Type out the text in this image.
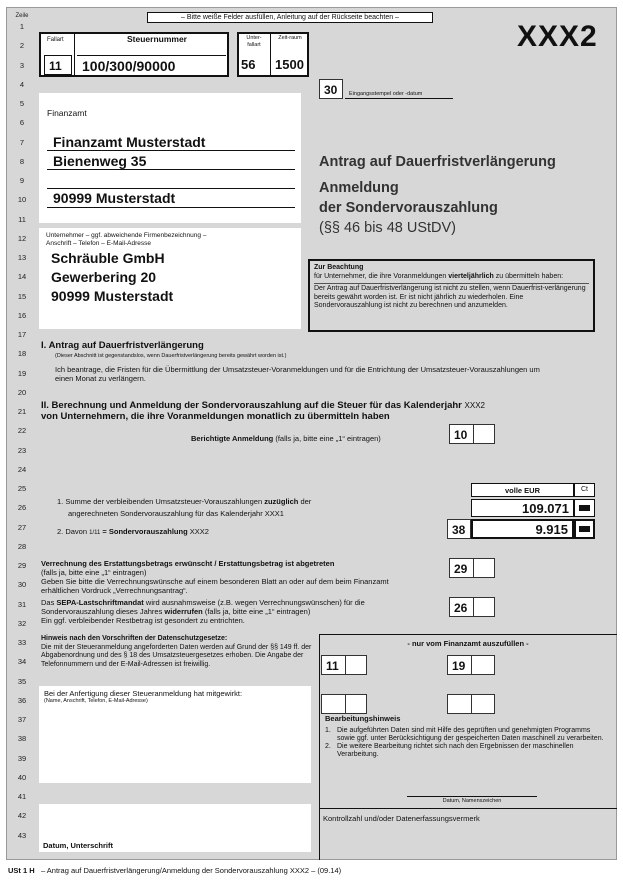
Zeile
1
2
3
4
5
6
7
8
9
10
11
12
13
14
15
16
17
18
19
20
21
22
23
24
25
26
27
28
29
30
31
32
33
34
35
36
37
38
39
40
41
42
43
– Bitte weiße Felder ausfüllen, Anleitung auf der Rückseite beachten –
XXX2
Fallart
11
Steuernummer
100/300/90000
Unter-fallart
Zeit-raum
56 1500
30	Eingangsstempel oder -datum
Finanzamt
Finanzamt Musterstadt
Bienenweg 35
90999 Musterstadt
Antrag auf Dauerfristverlängerung
Anmeldung
der Sondervorauszahlung
(§§ 46 bis 48 UStDV)
Unternehmer – ggf. abweichende Firmenbezeichnung –
Anschrift – Telefon – E-Mail-Adresse
Schräuble GmbH
Gewerbering 20
90999 Musterstadt
Zur Beachtung
für Unternehmer, die ihre Voranmeldungen vierteljährlich zu übermitteln haben:
Der Antrag auf Dauerfristverlängerung ist nicht zu stellen, wenn Dauerfrist-verlängerung bereits gewährt worden ist. Er ist nicht jährlich zu wiederholen. Eine Sondervorauszahlung ist nicht zu berechnen und anzumelden.
I. Antrag auf Dauerfristverlängerung
(Dieser Abschnitt ist gegenstandslos, wenn Dauerfristverlängerung bereits gewährt worden ist.)
Ich beantrage, die Fristen für die Übermittlung der Umsatzsteuer-Voranmeldungen und für die Entrichtung der Umsatzsteuer-Vorauszahlungen um einen Monat zu verlängern.
II. Berechnung und Anmeldung der Sondervorauszahlung auf die Steuer für das Kalenderjahr XXX2
von Unternehmern, die ihre Voranmeldungen monatlich zu übermitteln haben
Berichtigte Anmeldung (falls ja, bitte eine „1“ eintragen)	10
volle EUR	Ct
1. Summe der verbleibenden Umsatzsteuer-Vorauszahlungen zuzüglich der
angerechneten Sondervorauszahlung für das Kalenderjahr XXX1	109.071
2. Davon 1/11 = Sondervorauszahlung XXX2	38	9.915
Verrechnung des Erstattungsbetrags erwünscht / Erstattungsbetrag ist abgetreten
(falls ja, bitte eine „1“ eintragen)
Geben Sie bitte die Verrechnungswünsche auf einem besonderen Blatt an oder auf dem beim Finanzamt
erhältlichen Vordruck „Verrechnungsantrag“.
29
Das SEPA-Lastschriftmandat wird ausnahmsweise (z.B. wegen Verrechnungswünschen) für die
Sondervorauszahlung dieses Jahres widerrufen (falls ja, bitte eine „1“ eintragen)
Ein ggf. verbleibender Restbetrag ist gesondert zu entrichten.
26
Hinweis nach den Vorschriften der Datenschutzgesetze:
Die mit der Steueranmeldung angeforderten Daten werden auf Grund der §§ 149 ff. der Abgabenordnung und des § 18 des Umsatzsteuergesetzes erhoben. Die Angabe der Telefonnummern und der E-Mail-Adressen ist freiwillig.
Bei der Anfertigung dieser Steueranmeldung hat mitgewirkt:
(Name, Anschrift, Telefon, E-Mail-Adresse)
Datum, Unterschrift
- nur vom Finanzamt auszufüllen -
11	19
Bearbeitungshinweis
1. Die aufgeführten Daten sind mit Hilfe des geprüften und genehmigten Programms sowie ggf. unter Berücksichtigung der gespeicherten Daten maschinell zu verarbeiten.
2. Die weitere Bearbeitung richtet sich nach den Ergebnissen der maschinellen Verarbeitung.
Datum, Namenszeichen
Kontrollzahl und/oder Datenerfassungsvermerk
USt 1 H – Antrag auf Dauerfristverlängerung/Anmeldung der Sondervorauszahlung XXX2 – (09.14)
